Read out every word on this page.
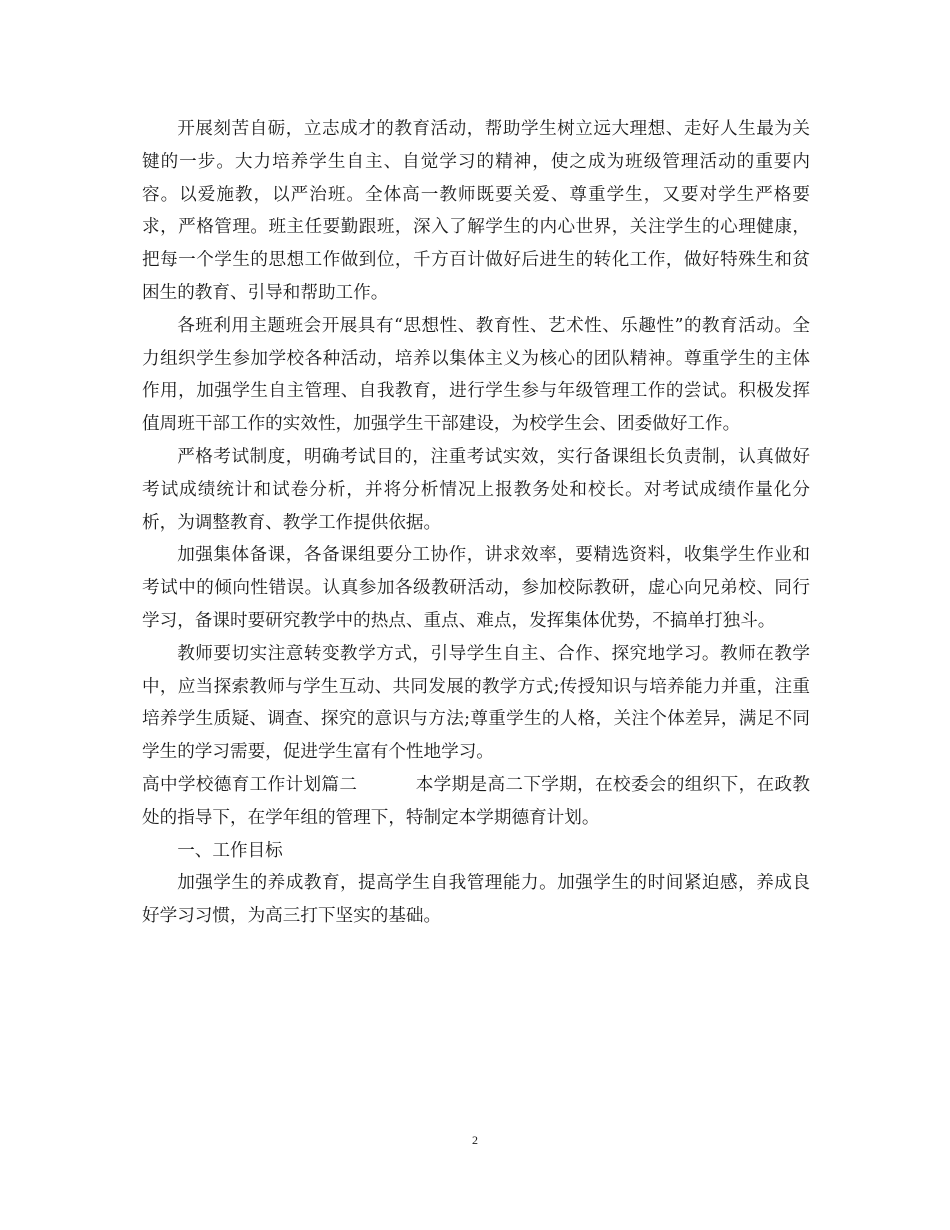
开展刻苦自砺，立志成才的教育活动，帮助学生树立远大理想、走好人生最为关键的一步。大力培养学生自主、自觉学习的精神，使之成为班级管理活动的重要内容。以爱施教，以严治班。全体高一教师既要关爱、尊重学生，又要对学生严格要求，严格管理。班主任要勤跟班，深入了解学生的内心世界，关注学生的心理健康，把每一个学生的思想工作做到位，千方百计做好后进生的转化工作，做好特殊生和贫困生的教育、引导和帮助工作。

各班利用主题班会开展具有“思想性、教育性、艺术性、乐趣性”的教育活动。全力组织学生参加学校各种活动，培养以集体主义为核心的团队精神。尊重学生的主体作用，加强学生自主管理、自我教育，进行学生参与年级管理工作的尝试。积极发挥值周班干部工作的实效性，加强学生干部建设，为校学生会、团委做好工作。

严格考试制度，明确考试目的，注重考试实效，实行备课组长负责制，认真做好考试成绩统计和试卷分析，并将分析情况上报教务处和校长。对考试成绩作量化分析，为调整教育、教学工作提供依据。

加强集体备课，各备课组要分工协作，讲求效率，要精选资料，收集学生作业和考试中的倾向性错误。认真参加各级教研活动，参加校际教研，虚心向兄弟校、同行学习，备课时要研究教学中的热点、重点、难点，发挥集体优势，不搞单打独斗。

教师要切实注意转变教学方式，引导学生自主、合作、探究地学习。教师在教学中，应当探索教师与学生互动、共同发展的教学方式;传授知识与培养能力并重，注重培养学生质疑、调查、探究的意识与方法;尊重学生的人格，关注个体差异，满足不同学生的学习需要，促进学生富有个性地学习。

高中学校德育工作计划篇二	本学期是高二下学期，在校委会的组织下，在政教处的指导下，在学年组的管理下，特制定本学期德育计划。

一、工作目标

加强学生的养成教育，提高学生自我管理能力。加强学生的时间紧迫感，养成良好学习习惯，为高三打下坚实的基础。

2
